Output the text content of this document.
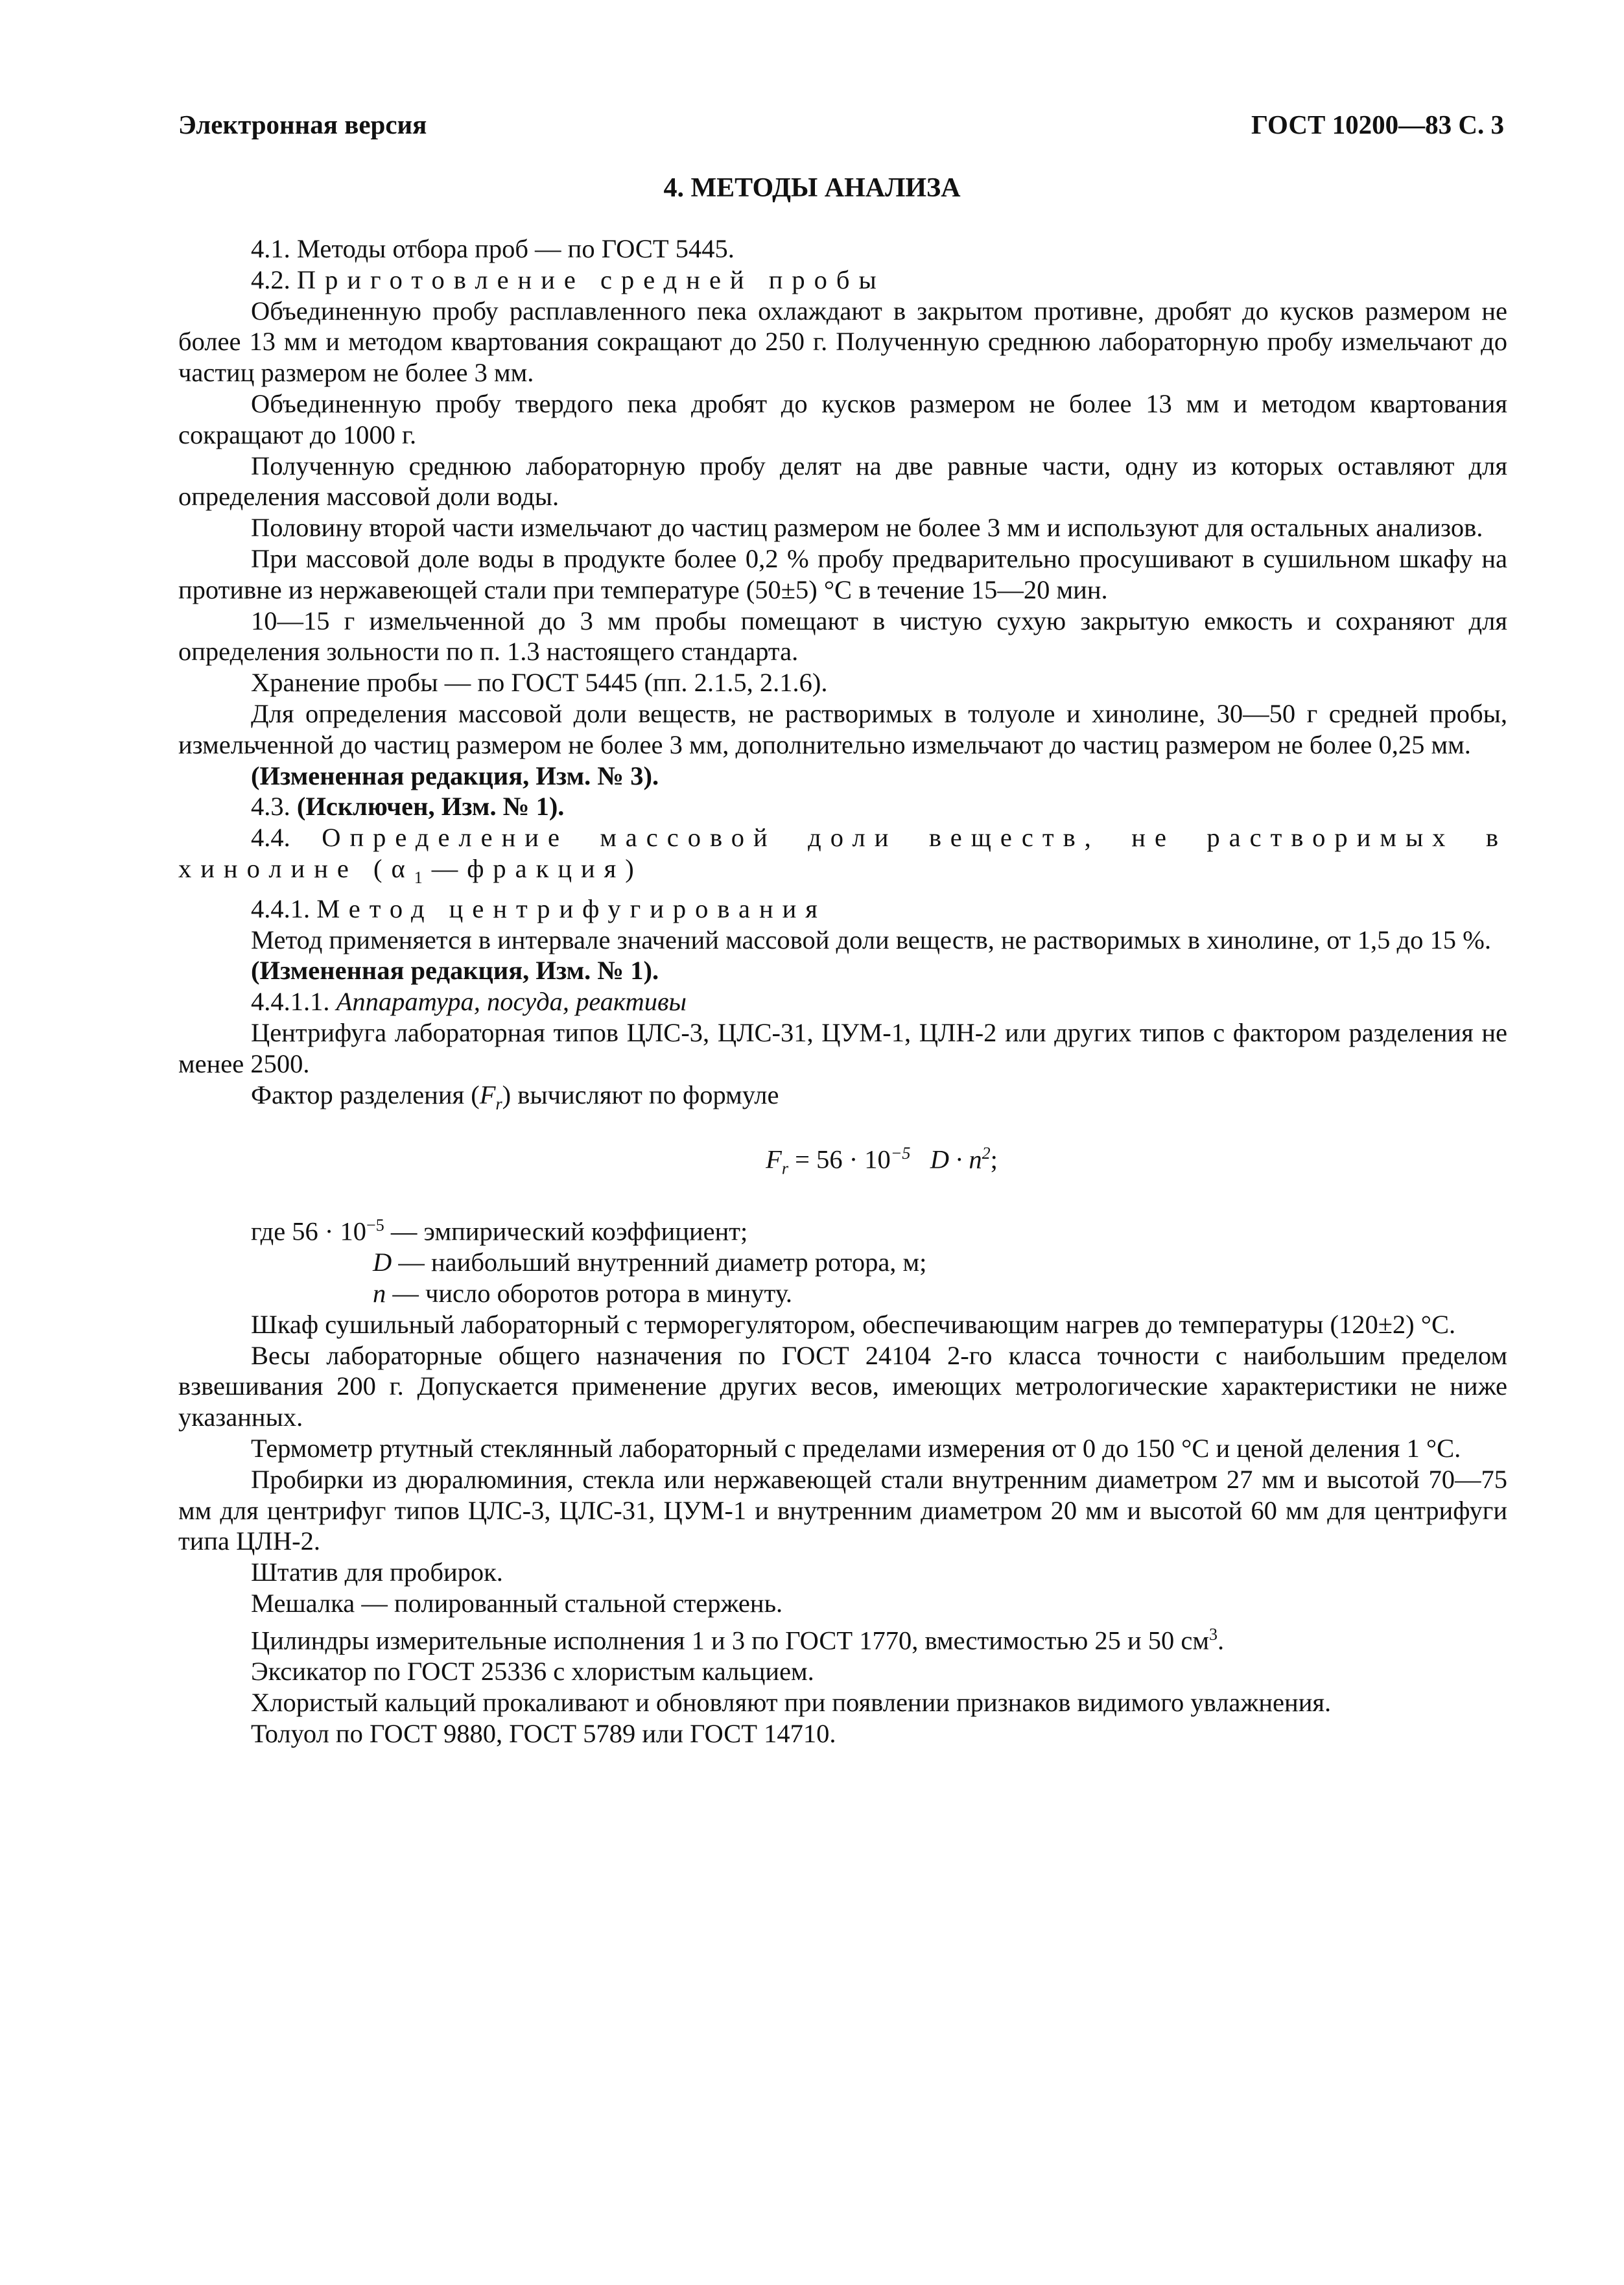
Электронная версия	ГОСТ 10200—83 С. 3
4. МЕТОДЫ АНАЛИЗА

4.1. Методы отбора проб — по ГОСТ 5445.

4.2. Приготовление средней пробы

Объединенную пробу расплавленного пека охлаждают в закрытом противне, дробят до кусков размером не более 13 мм и методом квартования сокращают до 250 г. Полученную среднюю лабораторную пробу измельчают до частиц размером не более 3 мм.

Объединенную пробу твердого пека дробят до кусков размером не более 13 мм и методом квартования сокращают до 1000 г.

Полученную среднюю лабораторную пробу делят на две равные части, одну из которых оставляют для определения массовой доли воды.

Половину второй части измельчают до частиц размером не более 3 мм и используют для остальных анализов.

При массовой доле воды в продукте более 0,2 % пробу предварительно просушивают в сушильном шкафу на противне из нержавеющей стали при температуре (50±5) °С в течение 15—20 мин.

10—15 г измельченной до 3 мм пробы помещают в чистую сухую закрытую емкость и сохраняют для определения зольности по п. 1.3 настоящего стандарта.

Хранение пробы — по ГОСТ 5445 (пп. 2.1.5, 2.1.6).

Для определения массовой доли веществ, не растворимых в толуоле и хинолине, 30—50 г средней пробы, измельченной до частиц размером не более 3 мм, дополнительно измельчают до частиц размером не более 0,25 мм.

(Измененная редакция, Изм. № 3).

4.3. (Исключен, Изм. № 1).

4.4. Определение массовой доли веществ, не растворимых в хинолине $(\alpha_1—фракция)$

4.4.1. Метод центрифугирования

Метод применяется в интервале значений массовой доли веществ, не растворимых в хинолине, от 1,5 до 15 %.

(Измененная редакция, Изм. № 1).

4.4.1.1. Аппаратура, посуда, реактивы

Центрифуга лабораторная типов ЦЛС-3, ЦЛС-31, ЦУМ-1, ЦЛН-2 или других типов с фактором разделения не менее 2500.

Фактор разделения $(F_r)$ вычисляют по формуле

$F_r = 56 \cdot 10^{-5}$ $D \cdot n^2$;
где $56 \cdot 10^{-5}$ — эмпирический коэффициент;
D — наибольший внутренний диаметр ротора, м;
n — число оборотов ротора в минуту.

Шкаф сушильный лабораторный с терморегулятором, обеспечивающим нагрев до температуры (120±2) °С.

Весы лабораторные общего назначения по ГОСТ 24104 2-го класса точности с наибольшим пределом взвешивания 200 г. Допускается применение других весов, имеющих метрологические характеристики не ниже указанных.

Термометр ртутный стеклянный лабораторный с пределами измерения от 0 до 150 °С и ценой деления 1 °С.

Пробирки из дюралюминия, стекла или нержавеющей стали внутренним диаметром 27 мм и высотой 70—75 мм для центрифуг типов ЦЛС-3, ЦЛС-31, ЦУМ-1 и внутренним диаметром 20 мм и высотой 60 мм для центрифуги типа ЦЛН-2.

Штатив для пробирок.

Мешалка — полированный стальной стержень.

Цилиндры измерительные исполнения 1 и 3 по ГОСТ 1770, вместимостью 25 и 50 $см^3$.

Эксикатор по ГОСТ 25336 с хлористым кальцием.

Хлористый кальций прокаливают и обновляют при появлении признаков видимого увлажнения.

Толуол по ГОСТ 9880, ГОСТ 5789 или ГОСТ 14710.
